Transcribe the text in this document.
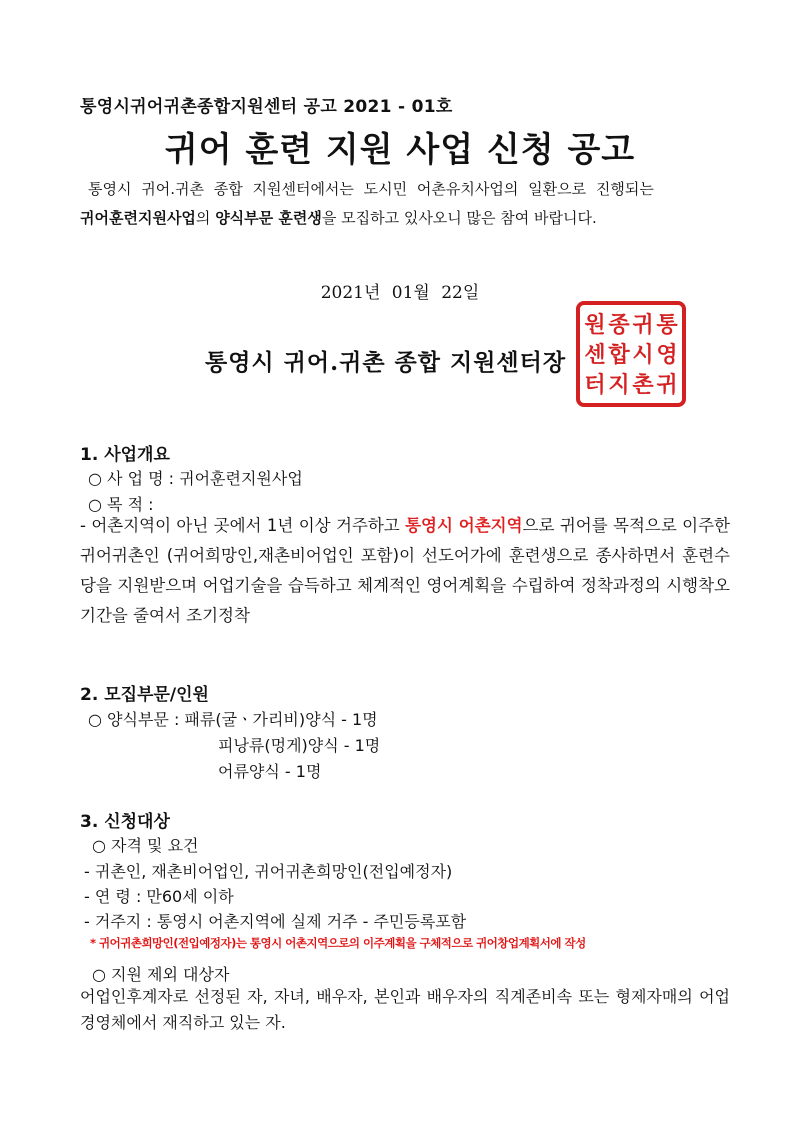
통영시귀어귀촌종합지원센터 공고 2021 - 01호
귀어 훈련 지원 사업 신청 공고
통영시 귀어.귀촌 종합 지원센터에서는 도시민 어촌유치사업의 일환으로 진행되는
귀어훈련지원사업의 양식부문 훈련생을 모집하고 있사오니 많은 참여 바랍니다.
2021년 01월 22일
통영시 귀어.귀촌 종합 지원센터장
통
영
귀
귀
시
촌
종
합
지
원
센
터
1. 사업개요
○ 사 업 명 : 귀어훈련지원사업
○ 목 적 :
- 어촌지역이 아닌 곳에서 1년 이상 거주하고 통영시 어촌지역으로 귀어를 목적으로 이주한 귀어귀촌인 (귀어희망인,재촌비어업인 포함)이 선도어가에 훈련생으로 종사하면서 훈련수당을 지원받으며 어업기술을 습득하고 체계적인 영어계획을 수립하여 정착과정의 시행착오 기간을 줄여서 조기정착
2. 모집부문/인원
○ 양식부문 : 패류(굴ㆍ가리비)양식 - 1명
피낭류(멍게)양식 - 1명
어류양식 - 1명
3. 신청대상
○ 자격 및 요건
- 귀촌인, 재촌비어업인, 귀어귀촌희망인(전입예정자)
- 연 령 : 만60세 이하
- 거주지 : 통영시 어촌지역에 실제 거주 - 주민등록포함
* 귀어귀촌희망인(전입예정자)는 통영시 어촌지역으로의 이주계획을 구체적으로 귀어창업계획서에 작성
○ 지원 제외 대상자
어업인후계자로 선정된 자, 자녀, 배우자, 본인과 배우자의 직계존비속 또는 형제자매의 어업경영체에서 재직하고 있는 자.
